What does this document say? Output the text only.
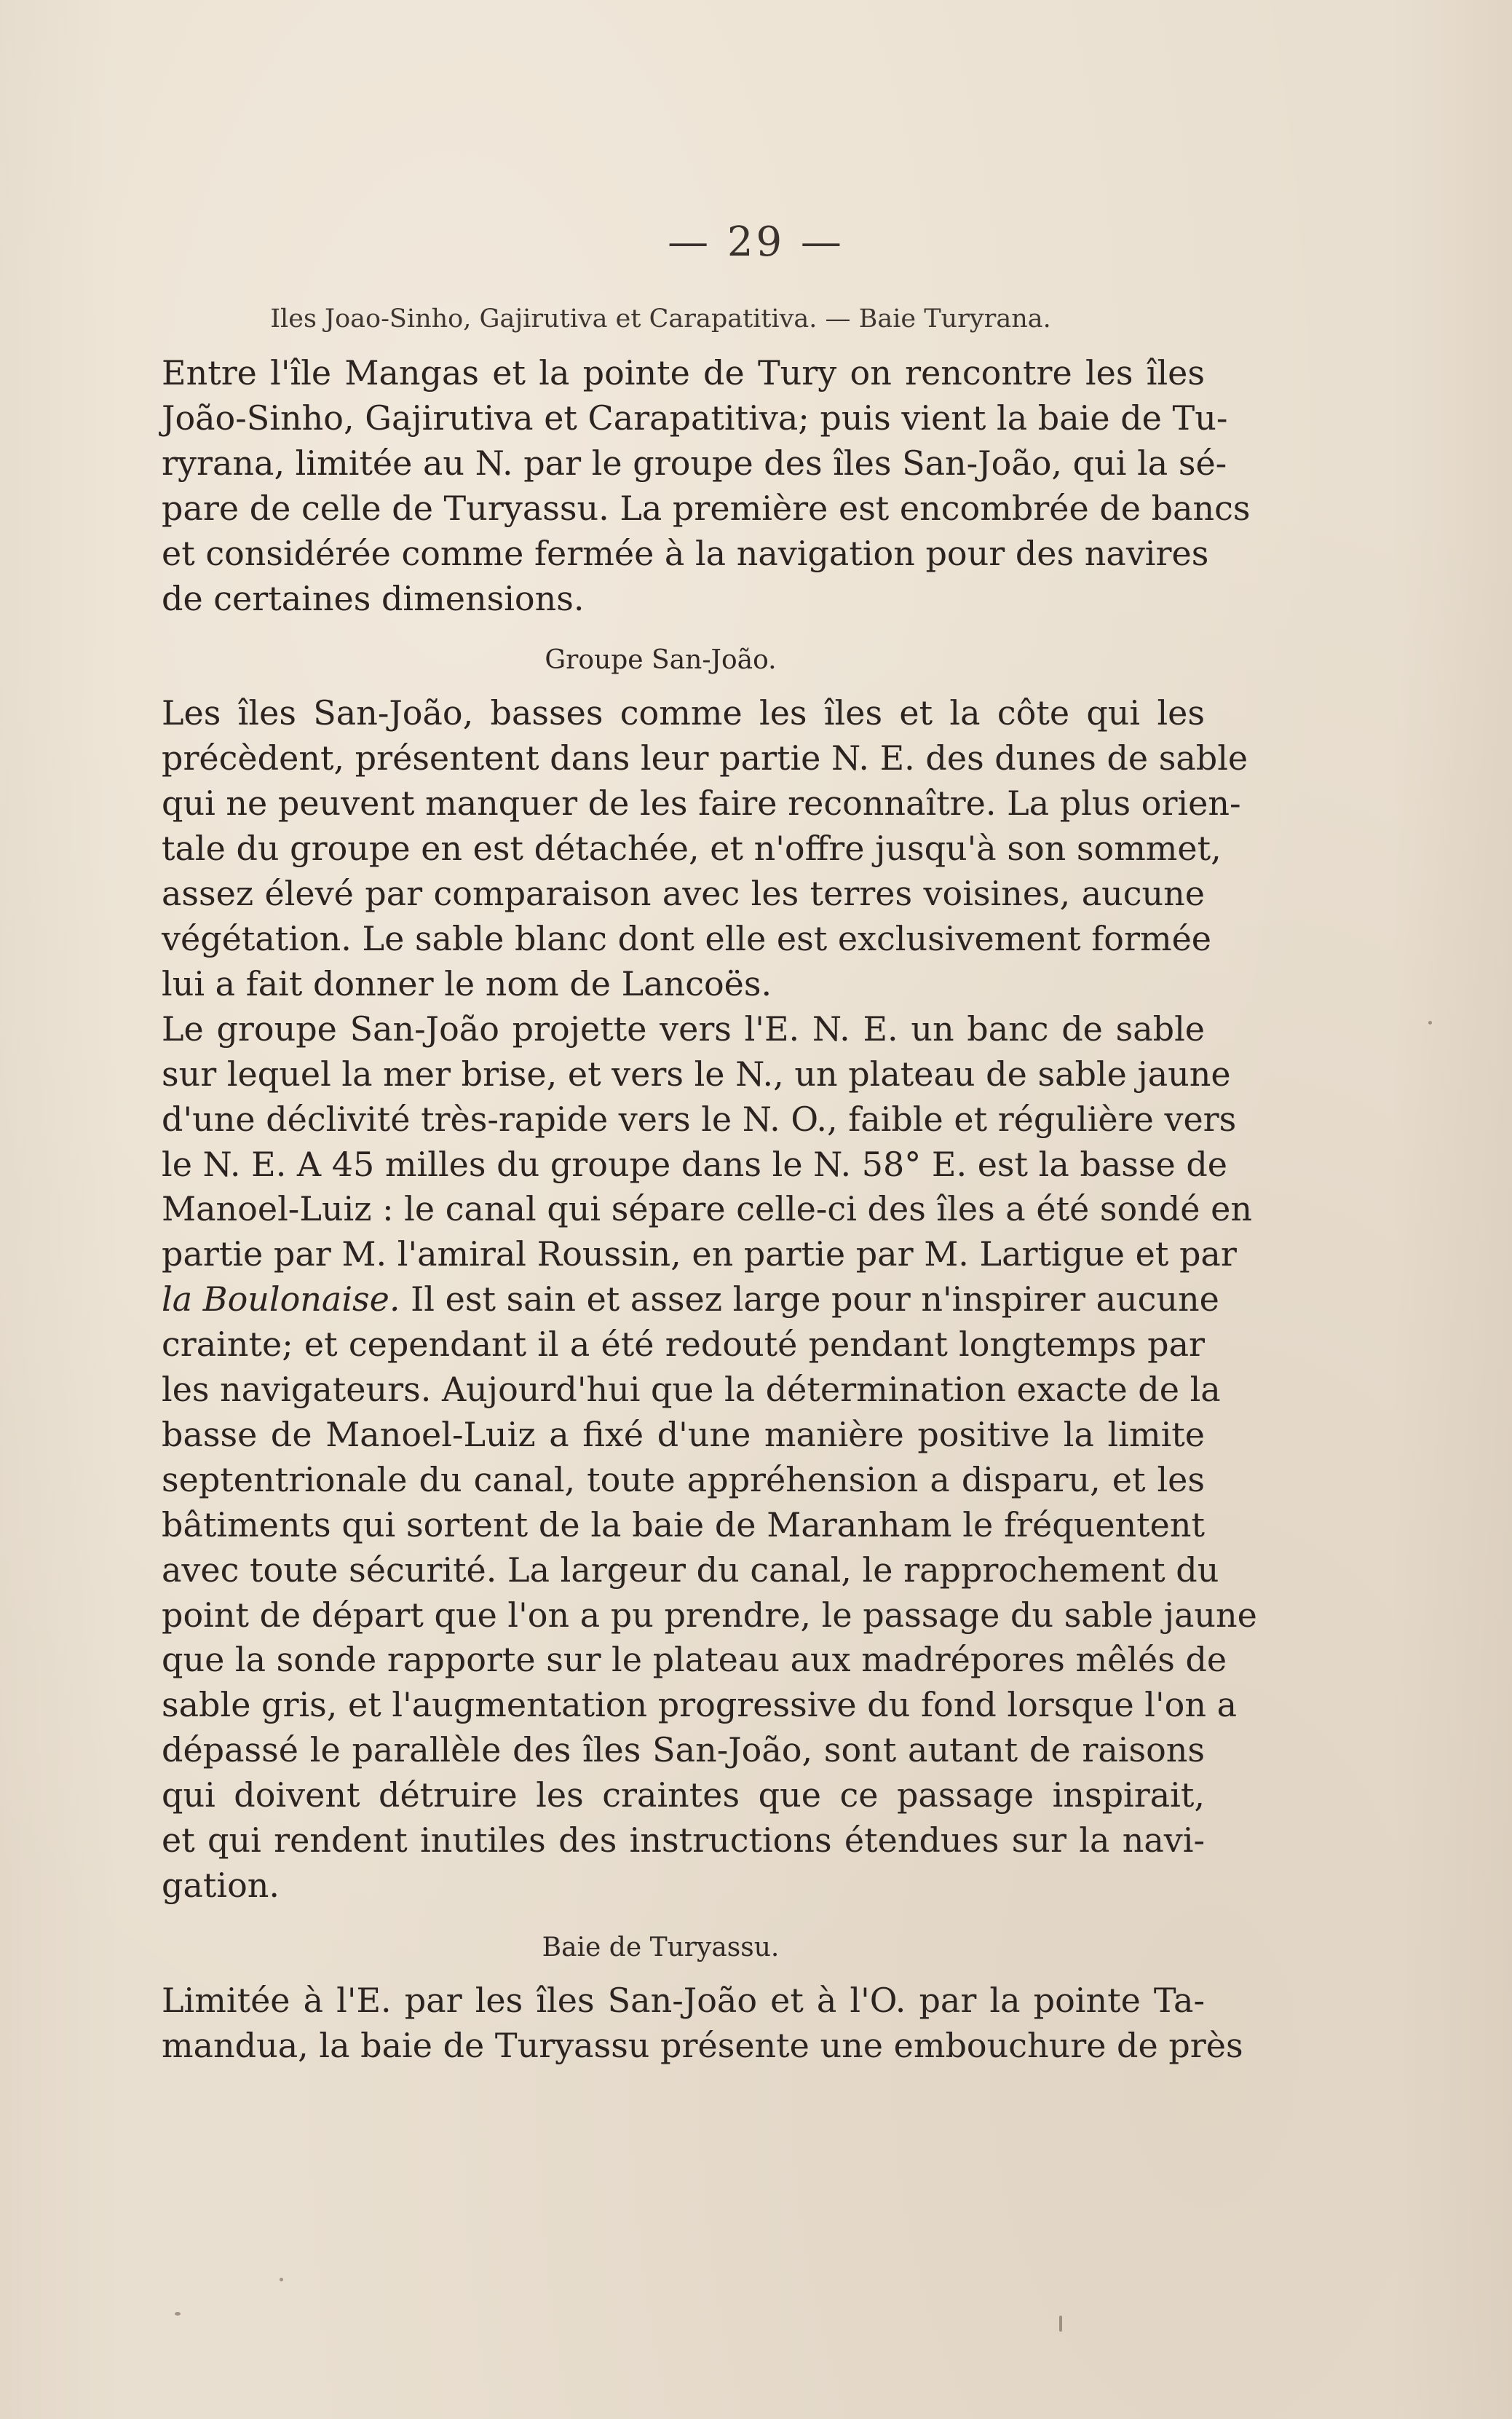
— 29 —
Iles Joao-Sinho, Gajirutiva et Carapatitiva. — Baie Turyrana.

Entre l'île Mangas et la pointe de Tury on rencontre les îles
João-Sinho, Gajirutiva et Carapatitiva; puis vient la baie de Tu-
ryrana, limitée au N. par le groupe des îles San-João, qui la sé-
pare de celle de Turyassu. La première est encombrée de bancs
et considérée comme fermée à la navigation pour des navires
de certaines dimensions.

Groupe San-João.

Les îles San-João, basses comme les îles et la côte qui les
précèdent, présentent dans leur partie N. E. des dunes de sable
qui ne peuvent manquer de les faire reconnaître. La plus orien-
tale du groupe en est détachée, et n'offre jusqu'à son sommet,
assez élevé par comparaison avec les terres voisines, aucune
végétation. Le sable blanc dont elle est exclusivement formée
lui a fait donner le nom de Lancoës.

Le groupe San-João projette vers l'E. N. E. un banc de sable
sur lequel la mer brise, et vers le N., un plateau de sable jaune
d'une déclivité très-rapide vers le N. O., faible et régulière vers
le N. E. A 45 milles du groupe dans le N. 58° E. est la basse de
Manoel-Luiz : le canal qui sépare celle-ci des îles a été sondé en
partie par M. l'amiral Roussin, en partie par M. Lartigue et par
la Boulonaise. Il est sain et assez large pour n'inspirer aucune
crainte; et cependant il a été redouté pendant longtemps par
les navigateurs. Aujourd'hui que la détermination exacte de la
basse de Manoel-Luiz a fixé d'une manière positive la limite
septentrionale du canal, toute appréhension a disparu, et les
bâtiments qui sortent de la baie de Maranham le fréquentent
avec toute sécurité. La largeur du canal, le rapprochement du
point de départ que l'on a pu prendre, le passage du sable jaune
que la sonde rapporte sur le plateau aux madrépores mêlés de
sable gris, et l'augmentation progressive du fond lorsque l'on a
dépassé le parallèle des îles San-João, sont autant de raisons
qui doivent détruire les craintes que ce passage inspirait,
et qui rendent inutiles des instructions étendues sur la navi-
gation.

Baie de Turyassu.

Limitée à l'E. par les îles San-João et à l'O. par la pointe Ta-
mandua, la baie de Turyassu présente une embouchure de près
